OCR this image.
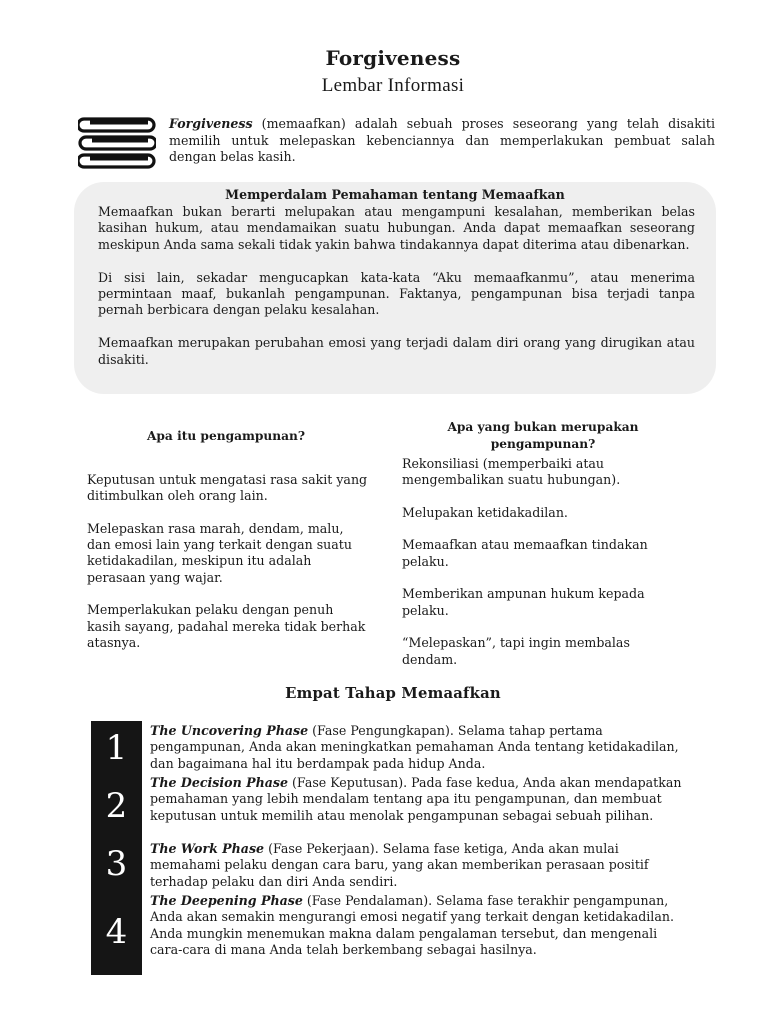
Forgiveness
Lembar Informasi
Forgiveness (memaafkan) adalah sebuah proses seseorang yang telah disakiti memilih untuk melepaskan kebenciannya dan memperlakukan pembuat salah dengan belas kasih.
Memperdalam Pemahaman tentang Memaafkan

Memaafkan bukan berarti melupakan atau mengampuni kesalahan, memberikan belas kasihan hukum, atau mendamaikan suatu hubungan. Anda dapat memaafkan seseorang meskipun Anda sama sekali tidak yakin bahwa tindakannya dapat diterima atau dibenarkan.

Di sisi lain, sekadar mengucapkan kata-kata “Aku memaafkanmu”, atau menerima permintaan maaf, bukanlah pengampunan. Faktanya, pengampunan bisa terjadi tanpa pernah berbicara dengan pelaku kesalahan.

Memaafkan merupakan perubahan emosi yang terjadi dalam diri orang yang dirugikan atau disakiti.

Apa itu pengampunan?

Keputusan untuk mengatasi rasa sakit yang ditimbulkan oleh orang lain.

Melepaskan rasa marah, dendam, malu, dan emosi lain yang terkait dengan suatu ketidakadilan, meskipun itu adalah perasaan yang wajar.

Memperlakukan pelaku dengan penuh kasih sayang, padahal mereka tidak berhak atasnya.

Apa yang bukan merupakan pengampunan?

Rekonsiliasi (memperbaiki atau mengembalikan suatu hubungan).

Melupakan ketidakadilan.

Memaafkan atau memaafkan tindakan pelaku.

Memberikan ampunan hukum kepada pelaku.

“Melepaskan”, tapi ingin membalas dendam.

Empat Tahap Memaafkan
1
2
3
4
The Uncovering Phase (Fase Pengungkapan). Selama tahap pertama pengampunan, Anda akan meningkatkan pemahaman Anda tentang ketidakadilan, dan bagaimana hal itu berdampak pada hidup Anda.
The Decision Phase (Fase Keputusan). Pada fase kedua, Anda akan mendapatkan pemahaman yang lebih mendalam tentang apa itu pengampunan, dan membuat keputusan untuk memilih atau menolak pengampunan sebagai sebuah pilihan.
The Work Phase (Fase Pekerjaan). Selama fase ketiga, Anda akan mulai memahami pelaku dengan cara baru, yang akan memberikan perasaan positif terhadap pelaku dan diri Anda sendiri.
The Deepening Phase (Fase Pendalaman). Selama fase terakhir pengampunan, Anda akan semakin mengurangi emosi negatif yang terkait dengan ketidakadilan. Anda mungkin menemukan makna dalam pengalaman tersebut, dan mengenali cara-cara di mana Anda telah berkembang sebagai hasilnya.
